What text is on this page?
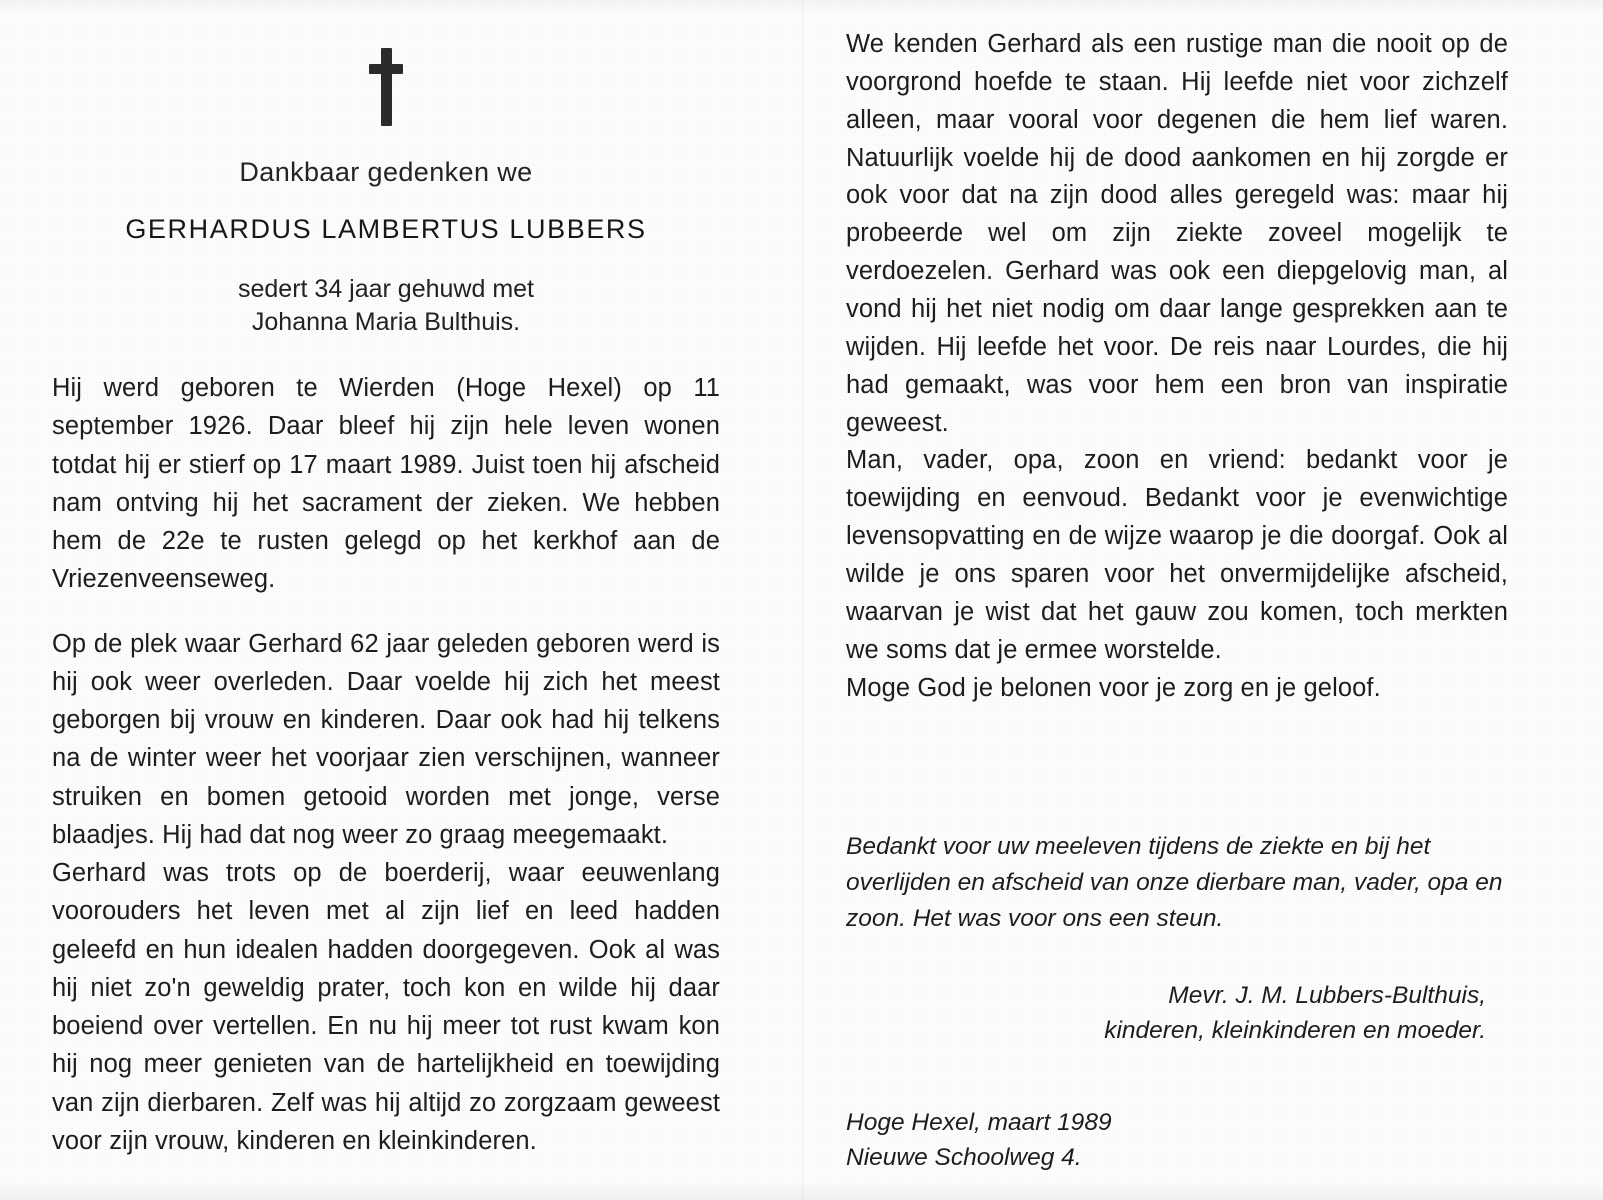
Dankbaar gedenken we
GERHARDUS LAMBERTUS LUBBERS
sedert 34 jaar gehuwd met
Johanna Maria Bulthuis.

Hij werd geboren te Wierden (Hoge Hexel) op 11 september 1926. Daar bleef hij zijn hele leven wonen totdat hij er stierf op 17 maart 1989. Juist toen hij afscheid nam ontving hij het sacrament der zieken. We hebben hem de 22e te rusten gelegd op het kerkhof aan de Vriezenveenseweg.

Op de plek waar Gerhard 62 jaar geleden geboren werd is hij ook weer overleden. Daar voelde hij zich het meest geborgen bij vrouw en kinderen. Daar ook had hij telkens na de winter weer het voorjaar zien verschijnen, wanneer struiken en bomen getooid worden met jonge, verse blaadjes. Hij had dat nog weer zo graag meegemaakt.

Gerhard was trots op de boerderij, waar eeuwenlang voorouders het leven met al zijn lief en leed hadden geleefd en hun idealen hadden doorgegeven. Ook al was hij niet zo'n geweldig prater, toch kon en wilde hij daar boeiend over vertellen. En nu hij meer tot rust kwam kon hij nog meer genieten van de hartelijkheid en toewijding van zijn dierbaren. Zelf was hij altijd zo zorgzaam geweest voor zijn vrouw, kinderen en kleinkinderen.

We kenden Gerhard als een rustige man die nooit op de voorgrond hoefde te staan. Hij leefde niet voor zichzelf alleen, maar vooral voor degenen die hem lief waren. Natuurlijk voelde hij de dood aankomen en hij zorgde er ook voor dat na zijn dood alles geregeld was: maar hij probeerde wel om zijn ziekte zoveel mogelijk te verdoezelen. Gerhard was ook een diepgelovig man, al vond hij het niet nodig om daar lange gesprekken aan te wijden. Hij leefde het voor. De reis naar Lourdes, die hij had gemaakt, was voor hem een bron van inspiratie geweest.

Man, vader, opa, zoon en vriend: bedankt voor je toewijding en eenvoud. Bedankt voor je evenwichtige levensopvatting en de wijze waarop je die doorgaf. Ook al wilde je ons sparen voor het onvermijdelijke afscheid, waarvan je wist dat het gauw zou komen, toch merkten we soms dat je ermee worstelde.

Moge God je belonen voor je zorg en je geloof.

Bedankt voor uw meeleven tijdens de ziekte en bij het overlijden en afscheid van onze dierbare man, vader, opa en zoon. Het was voor ons een steun.
Mevr. J. M. Lubbers-Bulthuis,
kinderen, kleinkinderen en moeder.
Hoge Hexel, maart 1989
Nieuwe Schoolweg 4.
